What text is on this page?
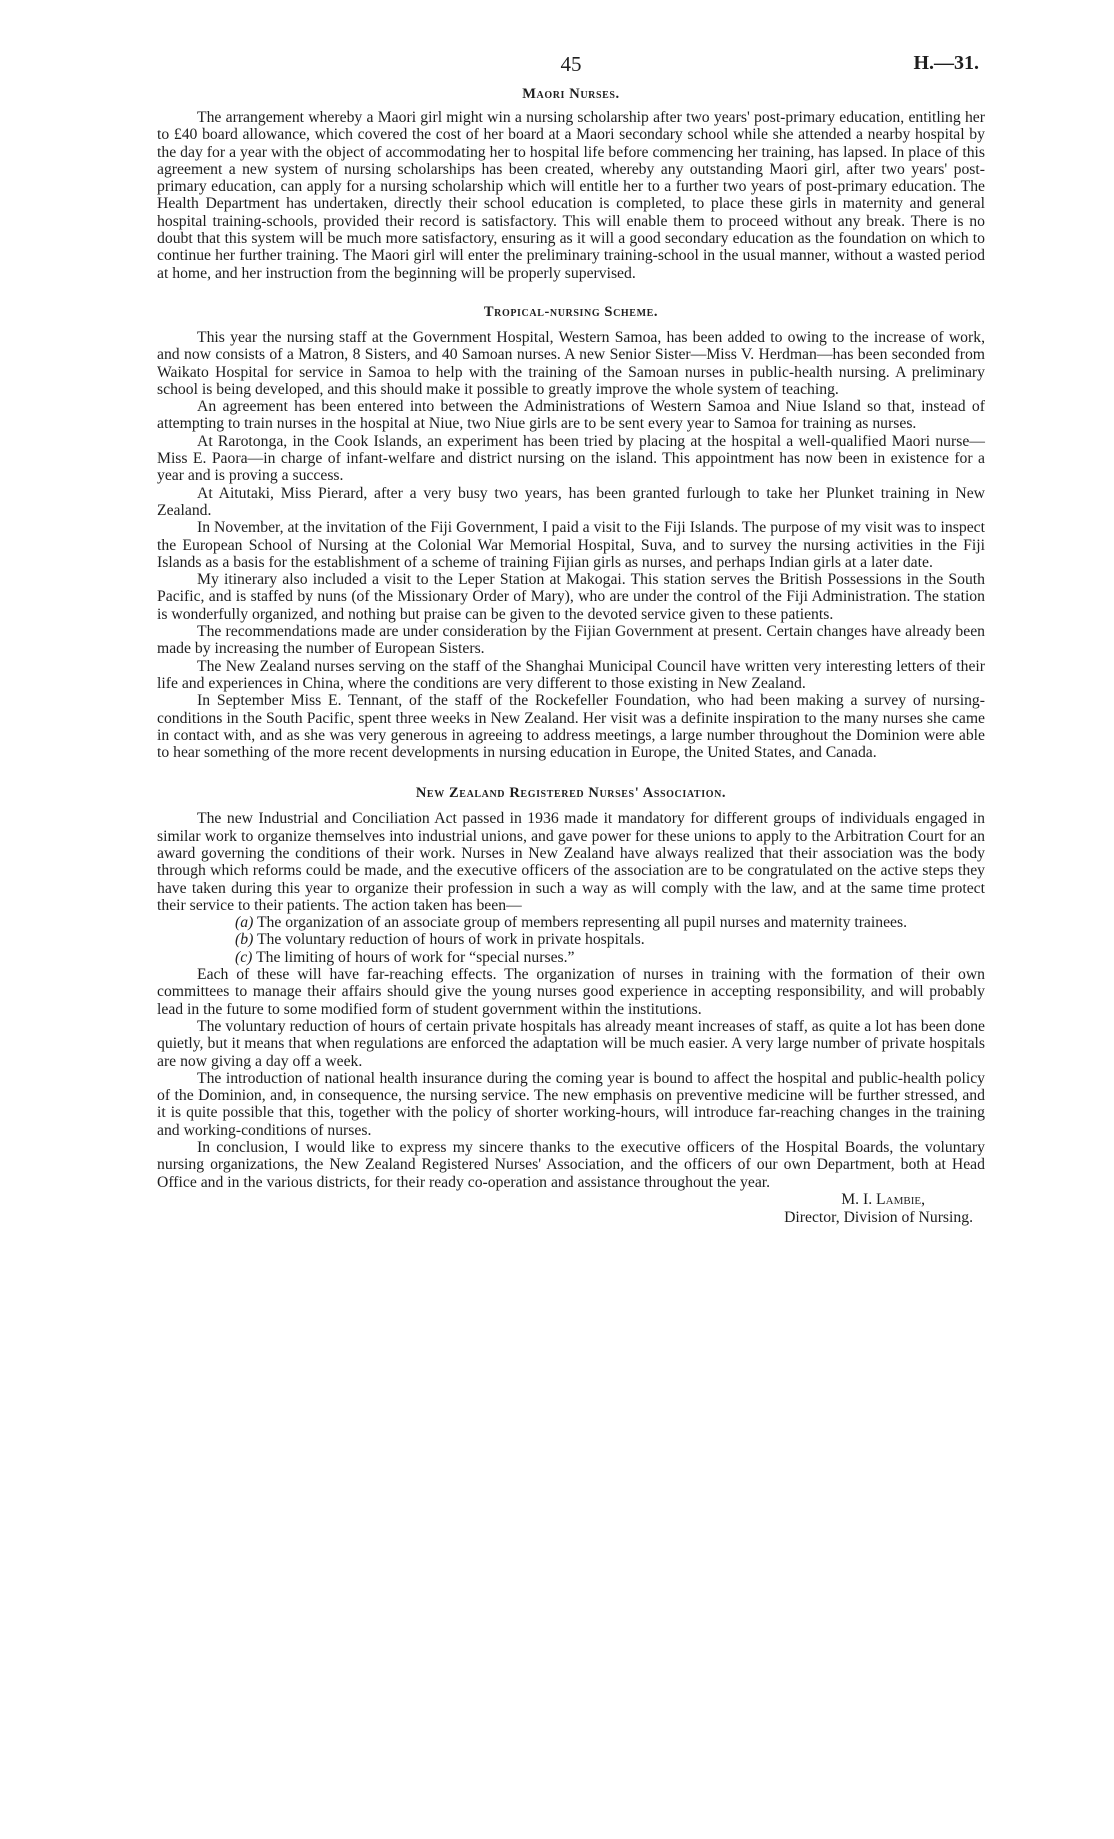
45	H.—31.
Maori Nurses.

The arrangement whereby a Maori girl might win a nursing scholarship after two years' post-primary education, entitling her to £40 board allowance, which covered the cost of her board at a Maori secondary school while she attended a nearby hospital by the day for a year with the object of accommodating her to hospital life before commencing her training, has lapsed. In place of this agreement a new system of nursing scholarships has been created, whereby any outstanding Maori girl, after two years' post-primary education, can apply for a nursing scholarship which will entitle her to a further two years of post-primary education. The Health Department has undertaken, directly their school education is completed, to place these girls in maternity and general hospital training-schools, provided their record is satisfactory. This will enable them to proceed without any break. There is no doubt that this system will be much more satisfactory, ensuring as it will a good secondary education as the foundation on which to continue her further training. The Maori girl will enter the preliminary training-school in the usual manner, without a wasted period at home, and her instruction from the beginning will be properly supervised.

Tropical-nursing Scheme.

This year the nursing staff at the Government Hospital, Western Samoa, has been added to owing to the increase of work, and now consists of a Matron, 8 Sisters, and 40 Samoan nurses. A new Senior Sister—Miss V. Herdman—has been seconded from Waikato Hospital for service in Samoa to help with the training of the Samoan nurses in public-health nursing. A preliminary school is being developed, and this should make it possible to greatly improve the whole system of teaching.

An agreement has been entered into between the Administrations of Western Samoa and Niue Island so that, instead of attempting to train nurses in the hospital at Niue, two Niue girls are to be sent every year to Samoa for training as nurses.

At Rarotonga, in the Cook Islands, an experiment has been tried by placing at the hospital a well-qualified Maori nurse—Miss E. Paora—in charge of infant-welfare and district nursing on the island. This appointment has now been in existence for a year and is proving a success.

At Aitutaki, Miss Pierard, after a very busy two years, has been granted furlough to take her Plunket training in New Zealand.

In November, at the invitation of the Fiji Government, I paid a visit to the Fiji Islands. The purpose of my visit was to inspect the European School of Nursing at the Colonial War Memorial Hospital, Suva, and to survey the nursing activities in the Fiji Islands as a basis for the establishment of a scheme of training Fijian girls as nurses, and perhaps Indian girls at a later date.

My itinerary also included a visit to the Leper Station at Makogai. This station serves the British Possessions in the South Pacific, and is staffed by nuns (of the Missionary Order of Mary), who are under the control of the Fiji Administration. The station is wonderfully organized, and nothing but praise can be given to the devoted service given to these patients.

The recommendations made are under consideration by the Fijian Government at present. Certain changes have already been made by increasing the number of European Sisters.

The New Zealand nurses serving on the staff of the Shanghai Municipal Council have written very interesting letters of their life and experiences in China, where the conditions are very different to those existing in New Zealand.

In September Miss E. Tennant, of the staff of the Rockefeller Foundation, who had been making a survey of nursing-conditions in the South Pacific, spent three weeks in New Zealand. Her visit was a definite inspiration to the many nurses she came in contact with, and as she was very generous in agreeing to address meetings, a large number throughout the Dominion were able to hear something of the more recent developments in nursing education in Europe, the United States, and Canada.

New Zealand Registered Nurses' Association.

The new Industrial and Conciliation Act passed in 1936 made it mandatory for different groups of individuals engaged in similar work to organize themselves into industrial unions, and gave power for these unions to apply to the Arbitration Court for an award governing the conditions of their work. Nurses in New Zealand have always realized that their association was the body through which reforms could be made, and the executive officers of the association are to be congratulated on the active steps they have taken during this year to organize their profession in such a way as will comply with the law, and at the same time protect their service to their patients. The action taken has been—

(a) The organization of an associate group of members representing all pupil nurses and maternity trainees.
(b) The voluntary reduction of hours of work in private hospitals.
(c) The limiting of hours of work for “special nurses.”

Each of these will have far-reaching effects. The organization of nurses in training with the formation of their own committees to manage their affairs should give the young nurses good experience in accepting responsibility, and will probably lead in the future to some modified form of student government within the institutions.

The voluntary reduction of hours of certain private hospitals has already meant increases of staff, as quite a lot has been done quietly, but it means that when regulations are enforced the adaptation will be much easier. A very large number of private hospitals are now giving a day off a week.

The introduction of national health insurance during the coming year is bound to affect the hospital and public-health policy of the Dominion, and, in consequence, the nursing service. The new emphasis on preventive medicine will be further stressed, and it is quite possible that this, together with the policy of shorter working-hours, will introduce far-reaching changes in the training and working-conditions of nurses.

In conclusion, I would like to express my sincere thanks to the executive officers of the Hospital Boards, the voluntary nursing organizations, the New Zealand Registered Nurses' Association, and the officers of our own Department, both at Head Office and in the various districts, for their ready co-operation and assistance throughout the year.

M. I. Lambie,

Director, Division of Nursing.
